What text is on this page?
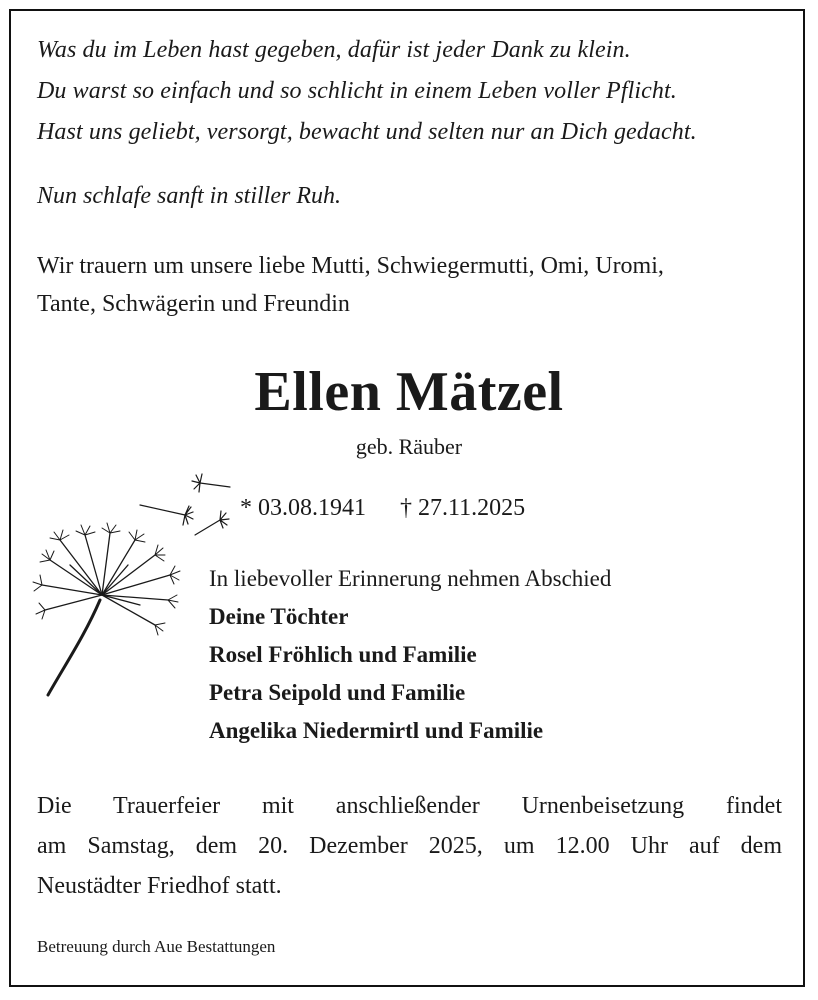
Was du im Leben hast gegeben, dafür ist jeder Dank zu klein.
Du warst so einfach und so schlicht in einem Leben voller Pflicht.
Hast uns geliebt, versorgt, bewacht und selten nur an Dich gedacht.
Nun schlafe sanft in stiller Ruh.
Wir trauern um unsere liebe Mutti, Schwiegermutti, Omi, Uromi,
Tante, Schwägerin und Freundin
Ellen Mätzel
geb. Räuber
* 03.08.1941 † 27.11.2025
In liebevoller Erinnerung nehmen Abschied
Deine Töchter
Rosel Fröhlich und Familie
Petra Seipold und Familie
Angelika Niedermirtl und Familie
Die Trauerfeier mit anschließender Urnenbeisetzung findet
am Samstag, dem 20. Dezember 2025, um 12.00 Uhr auf dem
Neustädter Friedhof statt.
Betreuung durch Aue Bestattungen
